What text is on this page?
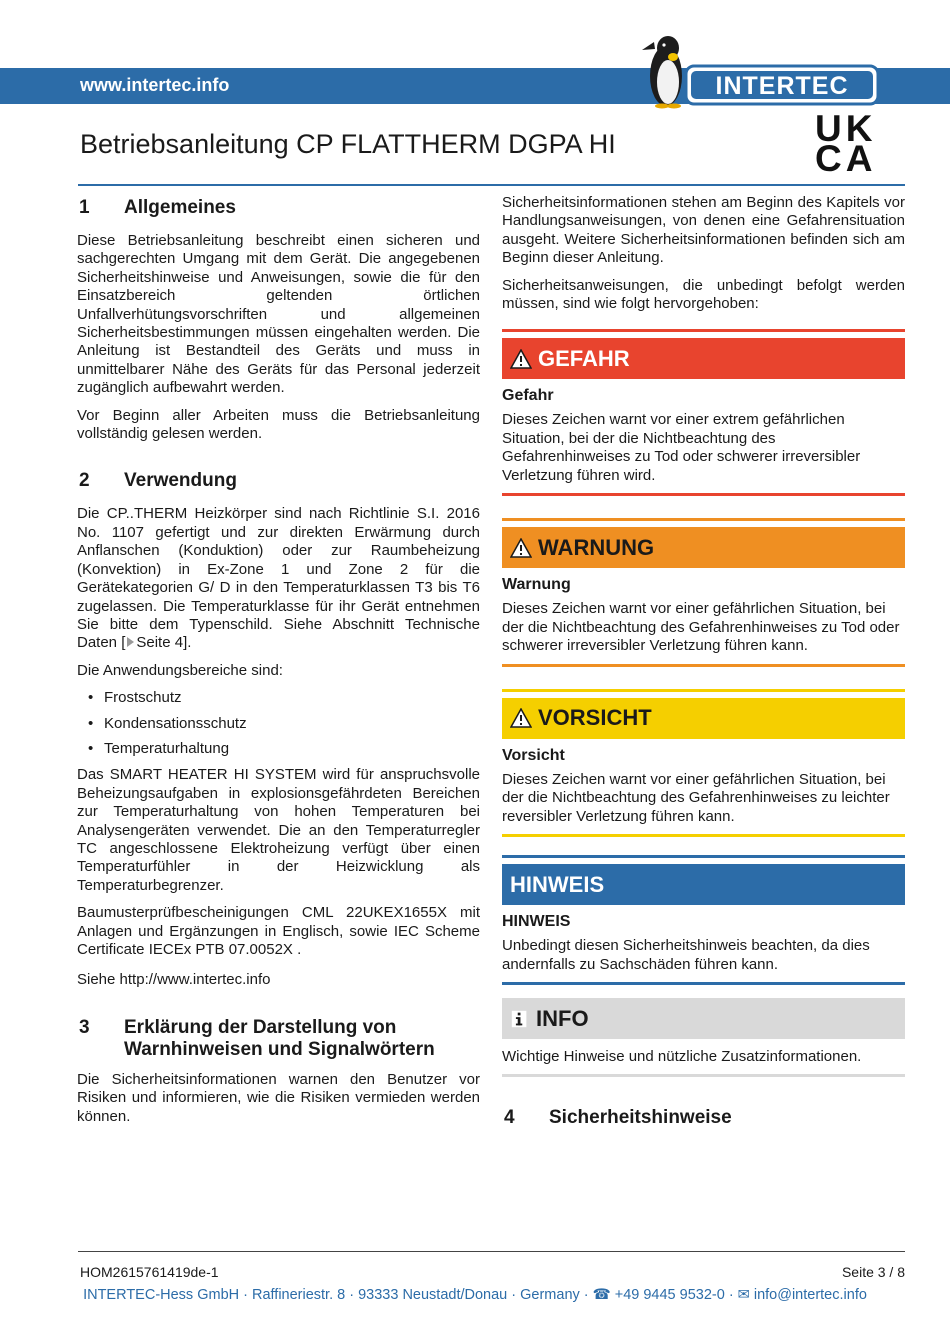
www.intertec.info	INTERTEC
Betriebsanleitung CP FLATTHERM DGPA HI	UK
CA
1	Allgemeines

Diese Betriebsanleitung beschreibt einen sicheren und sachgerechten Umgang mit dem Gerät. Die angegebenen Sicherheitshinweise und Anweisungen, sowie die für den Einsatzbereich geltenden örtlichen Unfallverhütungsvorschriften und allgemeinen Sicherheitsbestimmungen müssen eingehalten werden. Die Anleitung ist Bestandteil des Geräts und muss in unmittelbarer Nähe des Geräts für das Personal jederzeit zugänglich aufbewahrt werden.

Vor Beginn aller Arbeiten muss die Betriebsanleitung vollständig gelesen werden.

2	Verwendung

Die CP..THERM Heizkörper sind nach Richtlinie S.I. 2016 No. 1107 gefertigt und zur direkten Erwärmung durch Anflanschen (Konduktion) oder zur Raumbeheizung (Konvektion) in Ex-Zone 1 und Zone 2 für die Gerätekategorien G/ D in den Temperaturklassen T3 bis T6 zugelassen. Die Temperaturklasse für ihr Gerät entnehmen Sie bitte dem Typenschild. Siehe Abschnitt Technische Daten [ Seite 4].

Die Anwendungsbereiche sind:

• Frostschutz
• Kondensationsschutz
• Temperaturhaltung

Das SMART HEATER HI SYSTEM wird für anspruchsvolle Beheizungsaufgaben in explosionsgefährdeten Bereichen zur Temperaturhaltung von hohen Temperaturen bei Analysengeräten verwendet. Die an den Temperaturregler TC angeschlossene Elektroheizung verfügt über einen Temperaturfühler in der Heizwicklung als Temperaturbegrenzer.

Baumusterprüfbescheinigungen CML 22UKEX1655X mit Anlagen und Ergänzungen in Englisch, sowie IEC Scheme Certificate IECEx PTB 07.0052X .

Siehe http://www.intertec.info

3	Erklärung der Darstellung von Warnhinweisen und Signalwörtern

Die Sicherheitsinformationen warnen den Benutzer vor Risiken und informieren, wie die Risiken vermieden werden können.

Sicherheitsinformationen stehen am Beginn des Kapitels vor Handlungsanweisungen, von denen eine Gefahrensituation ausgeht. Weitere Sicherheitsinformationen befinden sich am Beginn dieser Anleitung.

Sicherheitsanweisungen, die unbedingt befolgt werden müssen, sind wie folgt hervorgehoben:

GEFAHR
Gefahr
Dieses Zeichen warnt vor einer extrem gefährlichen Situation, bei der die Nichtbeachtung des Gefahrenhinweises zu Tod oder schwerer irreversibler Verletzung führen wird.
WARNUNG
Warnung
Dieses Zeichen warnt vor einer gefährlichen Situation, bei der die Nichtbeachtung des Gefahrenhinweises zu Tod oder schwerer irreversibler Verletzung führen kann.
VORSICHT
Vorsicht
Dieses Zeichen warnt vor einer gefährlichen Situation, bei der die Nichtbeachtung des Gefahrenhinweises zu leichter reversibler Verletzung führen kann.
HINWEIS
HINWEIS
Unbedingt diesen Sicherheitshinweis beachten, da dies andernfalls zu Sachschäden führen kann.
INFO
Wichtige Hinweise und nützliche Zusatzinformationen.
4	Sicherheitshinweise
HOM2615761419de-1	Seite 3 / 8
INTERTEC-Hess GmbH · Raffineriestr. 8 · 93333 Neustadt/Donau · Germany · ☎ +49 9445 9532-0 · ✉ info@intertec.info
